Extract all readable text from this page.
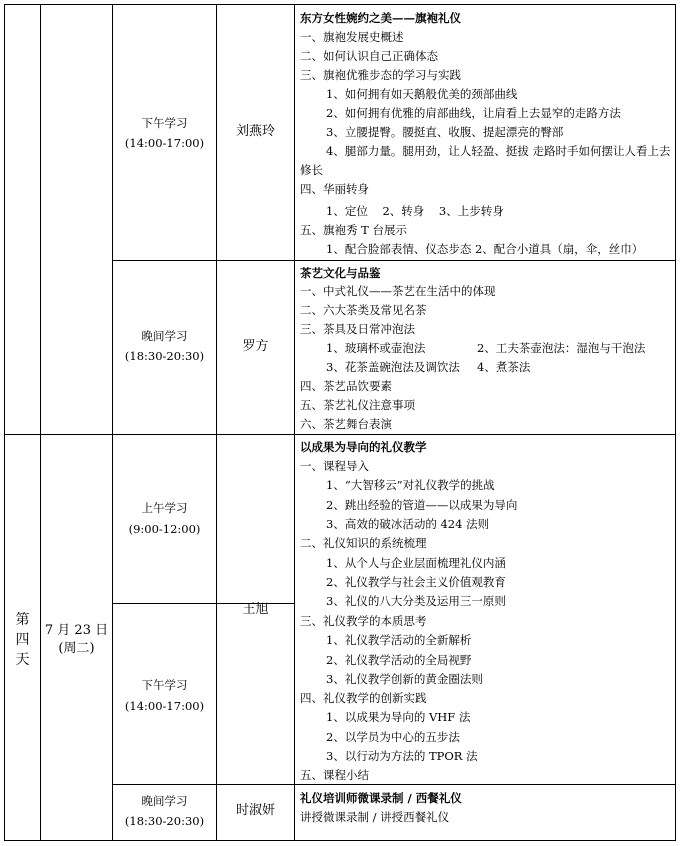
下午学习
(14:00-17:00)
刘燕玲
东方女性婉约之美——旗袍礼仪
一、旗袍发展史概述
二、如何认识自己正确体态
三、旗袍优雅步态的学习与实践
1、如何拥有如天鹅般优美的颈部曲线
2、如何拥有优雅的肩部曲线，让肩看上去显窄的走路方法
3、立腰提臀。腰挺直、收腹、提起漂亮的臀部
4、腿部力量。腿用劲，让人轻盈、挺拔 走路时手如何摆让人看上去
修长
四、华丽转身
1、定位    2、转身    3、上步转身
五、旗袍秀 T 台展示
1、配合脸部表情、仪态步态 2、配合小道具（扇，伞，丝巾）
晚间学习
(18:30-20:30)
罗方
茶艺文化与品鉴
一、中式礼仪——茶艺在生活中的体现
二、六大茶类及常见名茶
三、茶具及日常冲泡法
1、玻璃杯或壶泡法	2、工夫茶壶泡法：湿泡与干泡法
3、花茶盖碗泡法及调饮法 4、煮茶法
四、茶艺品饮要素
五、茶艺礼仪注意事项
六、茶艺舞台表演
第
四
天
7 月 23 日
(周二)
上午学习
(9:00-12:00)
下午学习
(14:00-17:00)
王旭
以成果为导向的礼仪教学
一、课程导入
1、“大智移云”对礼仪教学的挑战
2、跳出经验的管道——以成果为导向
3、高效的破冰活动的 424 法则
二、礼仪知识的系统梳理
1、从个人与企业层面梳理礼仪内涵
2、礼仪教学与社会主义价值观教育
3、礼仪的八大分类及运用三一原则
三、礼仪教学的本质思考
1、礼仪教学活动的全新解析
2、礼仪教学活动的全局视野
3、礼仪教学创新的黄金圈法则
四、礼仪教学的创新实践
1、以成果为导向的 VHF 法
2、以学员为中心的五步法
3、以行动为方法的 TPOR 法
五、课程小结
晚间学习
(18:30-20:30)
时淑妍
礼仪培训师微课录制 / 西餐礼仪
讲授微课录制 / 讲授西餐礼仪
